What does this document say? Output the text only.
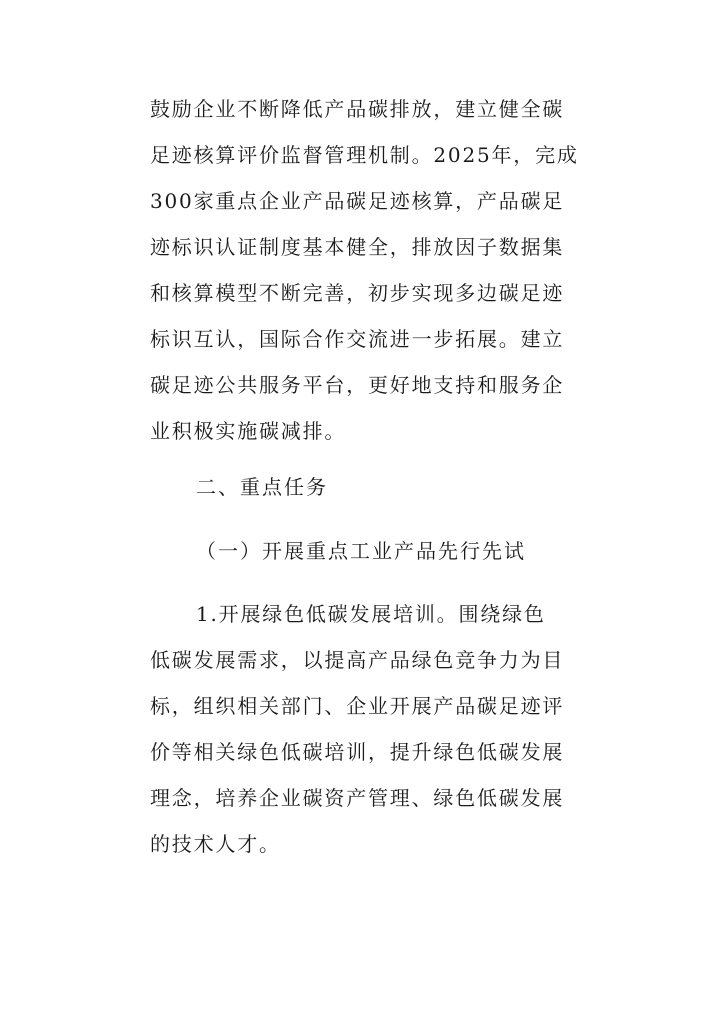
鼓励企业不断降低产品碳排放，建立健全碳
足迹核算评价监督管理机制。2025年，完成
300家重点企业产品碳足迹核算，产品碳足
迹标识认证制度基本健全，排放因子数据集
和核算模型不断完善，初步实现多边碳足迹
标识互认，国际合作交流进一步拓展。建立
碳足迹公共服务平台，更好地支持和服务企
业积极实施碳减排。
二、重点任务
（一）开展重点工业产品先行先试
1.开展绿色低碳发展培训。围绕绿色
低碳发展需求，以提高产品绿色竞争力为目
标，组织相关部门、企业开展产品碳足迹评
价等相关绿色低碳培训，提升绿色低碳发展
理念，培养企业碳资产管理、绿色低碳发展
的技术人才。
